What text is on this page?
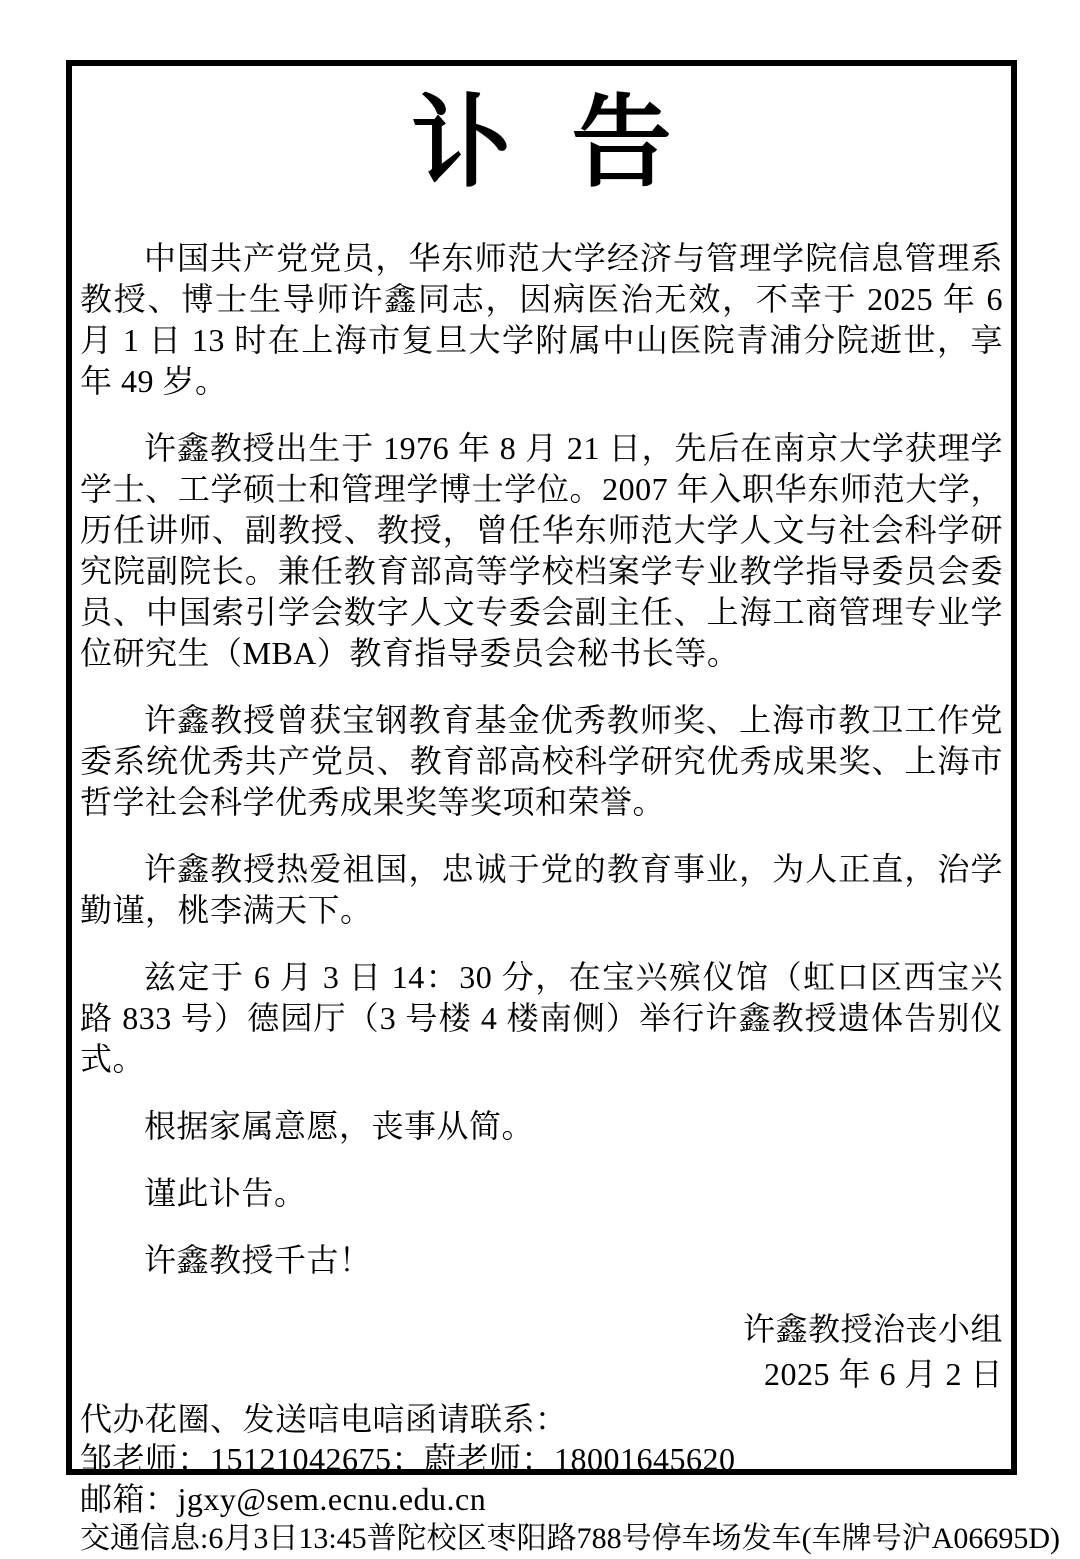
讣 告

中国共产党党员，华东师范大学经济与管理学院信息管理系教授、博士生导师许鑫同志，因病医治无效，不幸于 2025 年 6 月 1 日 13 时在上海市复旦大学附属中山医院青浦分院逝世，享年 49 岁。

许鑫教授出生于 1976 年 8 月 21 日，先后在南京大学获理学学士、工学硕士和管理学博士学位。2007 年入职华东师范大学，历任讲师、副教授、教授，曾任华东师范大学人文与社会科学研究院副院长。兼任教育部高等学校档案学专业教学指导委员会委员、中国索引学会数字人文专委会副主任、上海工商管理专业学位研究生（MBA）教育指导委员会秘书长等。

许鑫教授曾获宝钢教育基金优秀教师奖、上海市教卫工作党委系统优秀共产党员、教育部高校科学研究优秀成果奖、上海市哲学社会科学优秀成果奖等奖项和荣誉。

许鑫教授热爱祖国，忠诚于党的教育事业，为人正直，治学勤谨，桃李满天下。

兹定于 6 月 3 日 14：30 分，在宝兴殡仪馆（虹口区西宝兴路 833 号）德园厅（3 号楼 4 楼南侧）举行许鑫教授遗体告别仪式。

根据家属意愿，丧事从简。

谨此讣告。

许鑫教授千古！

许鑫教授治丧小组

2025 年 6 月 2 日

代办花圈、发送唁电唁函请联系：

邹老师：15121042675；蔚老师：18001645620

邮箱：jgxy@sem.ecnu.edu.cn

交通信息:6月3日13:45普陀校区枣阳路788号停车场发车(车牌号沪A06695D)
